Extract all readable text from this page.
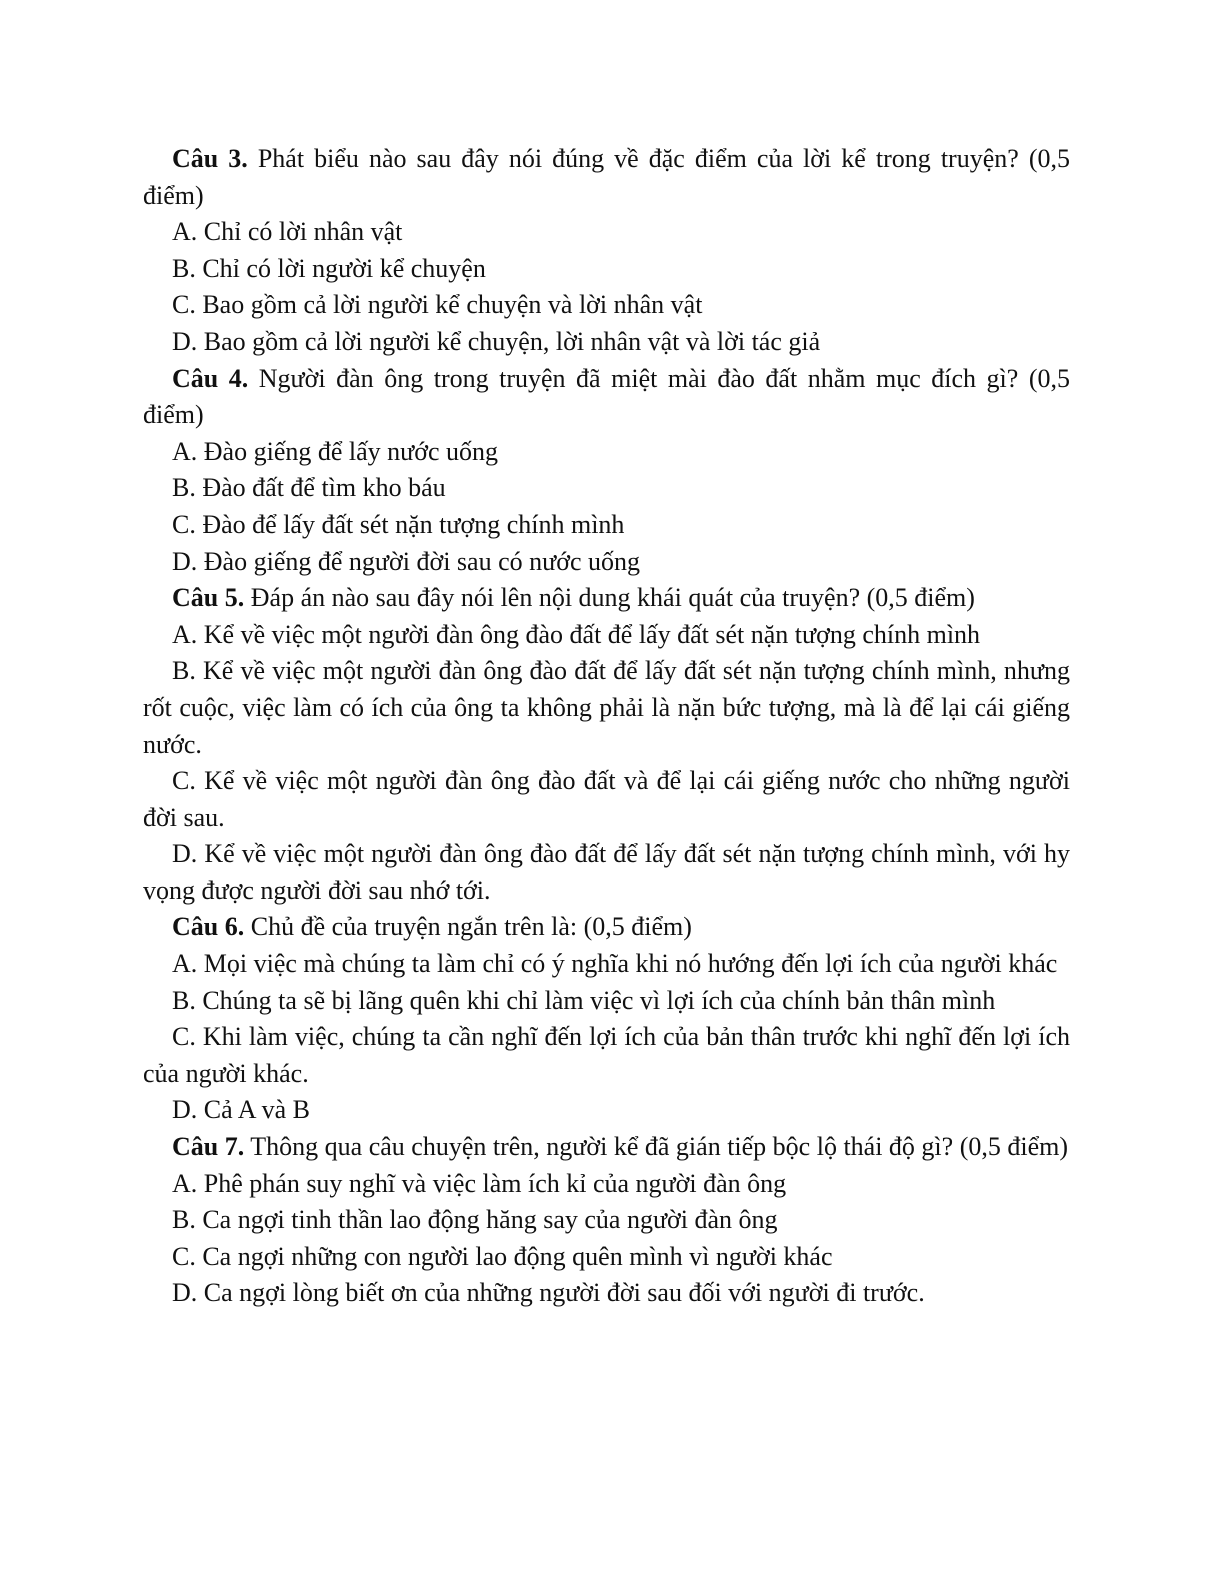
Câu 3. Phát biểu nào sau đây nói đúng về đặc điểm của lời kể trong truyện? (0,5 điểm)

A. Chỉ có lời nhân vật

B. Chỉ có lời người kể chuyện

C. Bao gồm cả lời người kể chuyện và lời nhân vật

D. Bao gồm cả lời người kể chuyện, lời nhân vật và lời tác giả

Câu 4. Người đàn ông trong truyện đã miệt mài đào đất nhằm mục đích gì? (0,5 điểm)

A. Đào giếng để lấy nước uống

B. Đào đất để tìm kho báu

C. Đào để lấy đất sét nặn tượng chính mình

D. Đào giếng để người đời sau có nước uống

Câu 5. Đáp án nào sau đây nói lên nội dung khái quát của truyện? (0,5 điểm)

A. Kể về việc một người đàn ông đào đất để lấy đất sét nặn tượng chính mình

B. Kể về việc một người đàn ông đào đất để lấy đất sét nặn tượng chính mình, nhưng rốt cuộc, việc làm có ích của ông ta không phải là nặn bức tượng, mà là để lại cái giếng nước.

C. Kể về việc một người đàn ông đào đất và để lại cái giếng nước cho những người đời sau.

D. Kể về việc một người đàn ông đào đất để lấy đất sét nặn tượng chính mình, với hy vọng được người đời sau nhớ tới.

Câu 6. Chủ đề của truyện ngắn trên là: (0,5 điểm)

A. Mọi việc mà chúng ta làm chỉ có ý nghĩa khi nó hướng đến lợi ích của người khác

B. Chúng ta sẽ bị lãng quên khi chỉ làm việc vì lợi ích của chính bản thân mình

C. Khi làm việc, chúng ta cần nghĩ đến lợi ích của bản thân trước khi nghĩ đến lợi ích của người khác.

D. Cả A và B

Câu 7. Thông qua câu chuyện trên, người kể đã gián tiếp bộc lộ thái độ gì? (0,5 điểm)

A. Phê phán suy nghĩ và việc làm ích kỉ của người đàn ông

B. Ca ngợi tinh thần lao động hăng say của người đàn ông

C. Ca ngợi những con người lao động quên mình vì người khác

D. Ca ngợi lòng biết ơn của những người đời sau đối với người đi trước.
